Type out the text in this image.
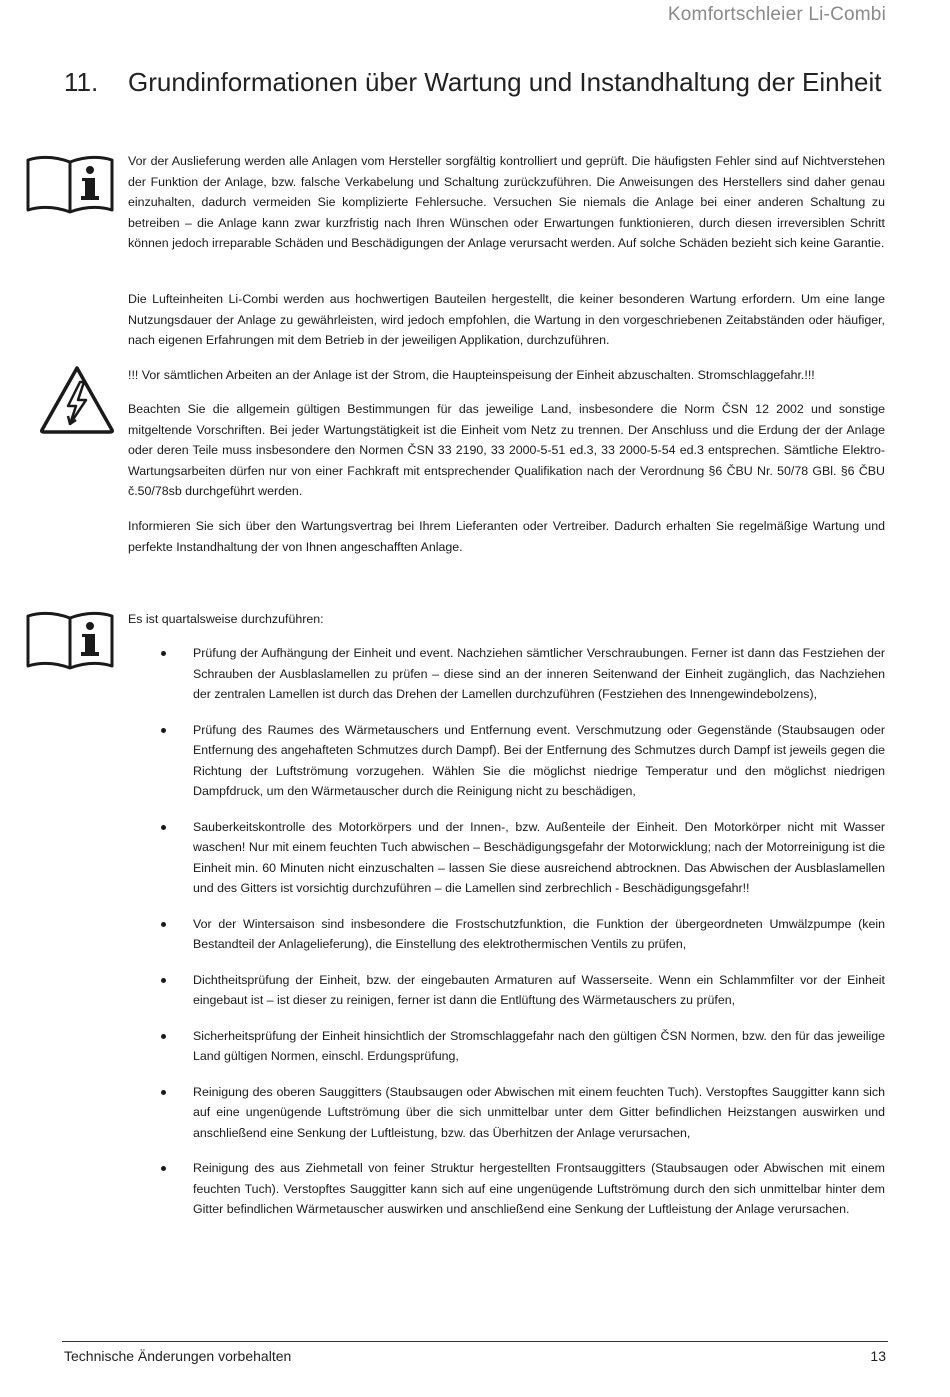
Komfortschleier Li-Combi
11. Grundinformationen über Wartung und Instandhaltung der Einheit

Vor der Auslieferung werden alle Anlagen vom Hersteller sorgfältig kontrolliert und geprüft. Die häufigsten Fehler sind auf Nichtverstehen der Funktion der Anlage, bzw. falsche Verkabelung und Schaltung zurückzuführen. Die Anweisungen des Herstellers sind daher genau einzuhalten, dadurch vermeiden Sie komplizierte Fehlersuche. Versuchen Sie niemals die Anlage bei einer anderen Schaltung zu betreiben – die Anlage kann zwar kurzfristig nach Ihren Wünschen oder Erwartungen funktionieren, durch diesen irreversiblen Schritt können jedoch irreparable Schäden und Beschädigungen der Anlage verursacht werden. Auf solche Schäden bezieht sich keine Garantie.

Die Lufteinheiten Li-Combi werden aus hochwertigen Bauteilen hergestellt, die keiner besonderen Wartung erfordern. Um eine lange Nutzungsdauer der Anlage zu gewährleisten, wird jedoch empfohlen, die Wartung in den vorgeschriebenen Zeitabständen oder häufiger, nach eigenen Erfahrungen mit dem Betrieb in der jeweiligen Applikation, durchzuführen.

!!! Vor sämtlichen Arbeiten an der Anlage ist der Strom, die Haupteinspeisung der Einheit abzuschalten. Stromschlaggefahr.!!!

Beachten Sie die allgemein gültigen Bestimmungen für das jeweilige Land, insbesondere die Norm ČSN 12 2002 und sonstige mitgeltende Vorschriften. Bei jeder Wartungstätigkeit ist die Einheit vom Netz zu trennen. Der Anschluss und die Erdung der der Anlage oder deren Teile muss insbesondere den Normen ČSN 33 2190, 33 2000-5-51 ed.3, 33 2000-5-54 ed.3 entsprechen. Sämtliche Elektro-Wartungsarbeiten dürfen nur von einer Fachkraft mit entsprechender Qualifikation nach der Verordnung §6 ČBU Nr. 50/78 GBl. §6 ČBU č.50/78sb durchgeführt werden.

Informieren Sie sich über den Wartungsvertrag bei Ihrem Lieferanten oder Vertreiber. Dadurch erhalten Sie regelmäßige Wartung und perfekte Instandhaltung der von Ihnen angeschafften Anlage.

Es ist quartalsweise durchzuführen:

Prüfung der Aufhängung der Einheit und event. Nachziehen sämtlicher Verschraubungen. Ferner ist dann das Festziehen der Schrauben der Ausblaslamellen zu prüfen – diese sind an der inneren Seitenwand der Einheit zugänglich, das Nachziehen der zentralen Lamellen ist durch das Drehen der Lamellen durchzuführen (Festziehen des Innengewindebolzens),
Prüfung des Raumes des Wärmetauschers und Entfernung event. Verschmutzung oder Gegenstände (Staubsaugen oder Entfernung des angehafteten Schmutzes durch Dampf). Bei der Entfernung des Schmutzes durch Dampf ist jeweils gegen die Richtung der Luftströmung vorzugehen. Wählen Sie die möglichst niedrige Temperatur und den möglichst niedrigen Dampfdruck, um den Wärmetauscher durch die Reinigung nicht zu beschädigen,
Sauberkeitskontrolle des Motorkörpers und der Innen-, bzw. Außenteile der Einheit. Den Motorkörper nicht mit Wasser waschen! Nur mit einem feuchten Tuch abwischen – Beschädigungsgefahr der Motorwicklung; nach der Motorreinigung ist die Einheit min. 60 Minuten nicht einzuschalten – lassen Sie diese ausreichend abtrocknen. Das Abwischen der Ausblaslamellen und des Gitters ist vorsichtig durchzuführen – die Lamellen sind zerbrechlich - Beschädigungsgefahr!!
Vor der Wintersaison sind insbesondere die Frostschutzfunktion, die Funktion der übergeordneten Umwälzpumpe (kein Bestandteil der Anlagelieferung), die Einstellung des elektrothermischen Ventils zu prüfen,
Dichtheitsprüfung der Einheit, bzw. der eingebauten Armaturen auf Wasserseite. Wenn ein Schlammfilter vor der Einheit eingebaut ist – ist dieser zu reinigen, ferner ist dann die Entlüftung des Wärmetauschers zu prüfen,
Sicherheitsprüfung der Einheit hinsichtlich der Stromschlaggefahr nach den gültigen ČSN Normen, bzw. den für das jeweilige Land gültigen Normen, einschl. Erdungsprüfung,
Reinigung des oberen Sauggitters (Staubsaugen oder Abwischen mit einem feuchten Tuch). Verstopftes Sauggitter kann sich auf eine ungenügende Luftströmung über die sich unmittelbar unter dem Gitter befindlichen Heizstangen auswirken und anschließend eine Senkung der Luftleistung, bzw. das Überhitzen der Anlage verursachen,
Reinigung des aus Ziehmetall von feiner Struktur hergestellten Frontsauggitters (Staubsaugen oder Abwischen mit einem feuchten Tuch). Verstopftes Sauggitter kann sich auf eine ungenügende Luftströmung durch den sich unmittelbar hinter dem Gitter befindlichen Wärmetauscher auswirken und anschließend eine Senkung der Luftleistung der Anlage verursachen.
Technische Änderungen vorbehalten	13
